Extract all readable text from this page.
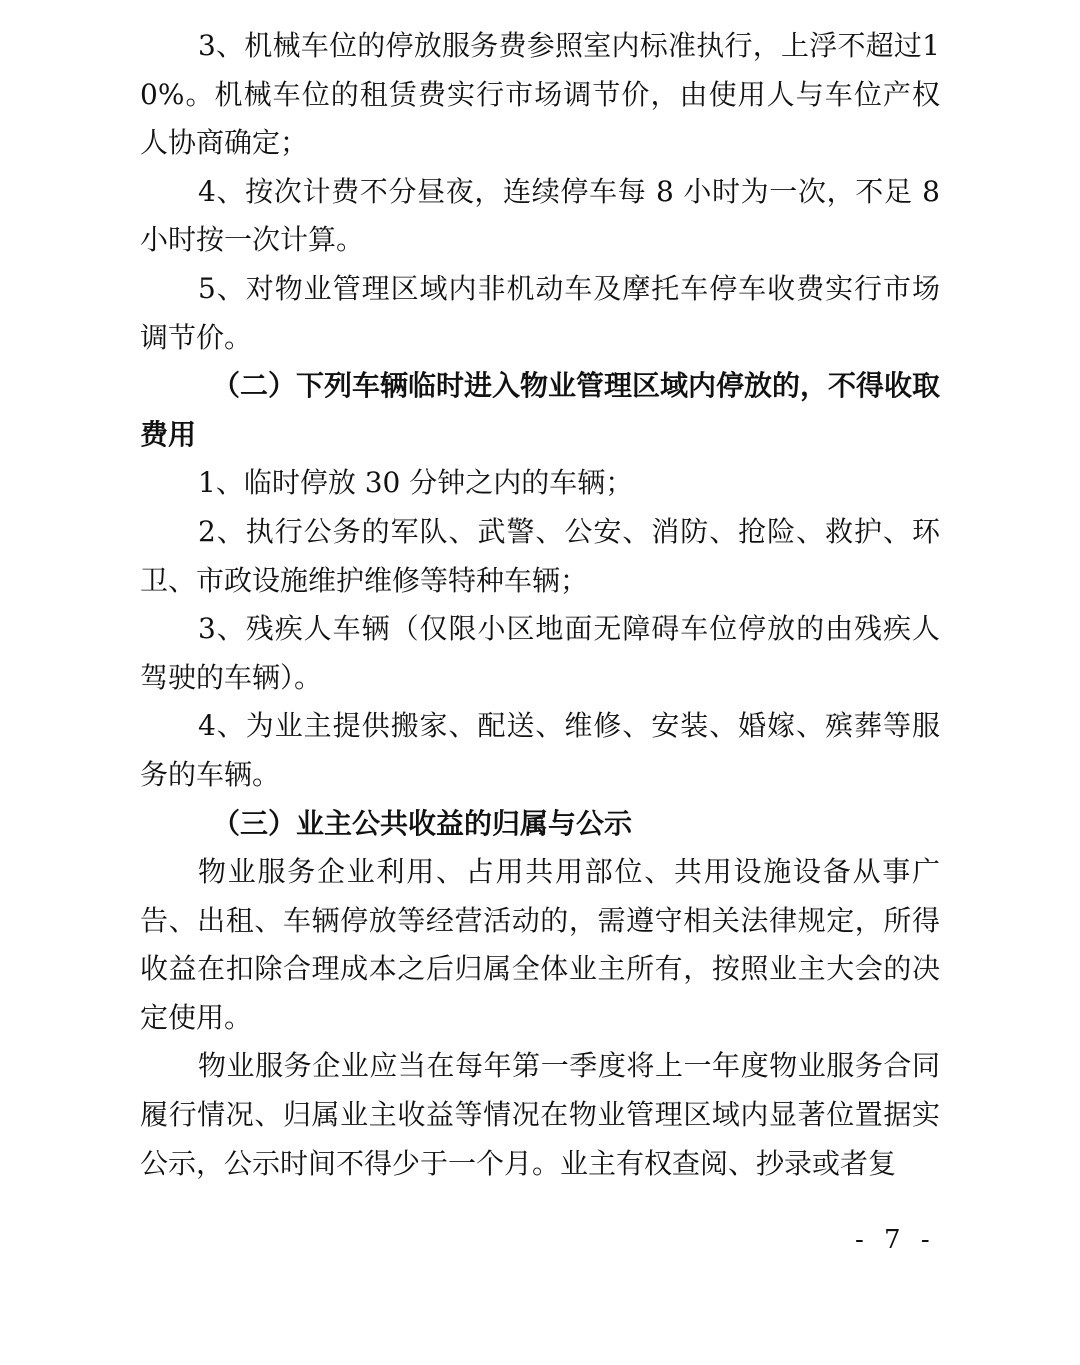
3、机械车位的停放服务费参照室内标准执行，上浮不超过10%。机械车位的租赁费实行市场调节价，由使用人与车位产权人协商确定；

4、按次计费不分昼夜，连续停车每 8 小时为一次，不足 8 小时按一次计算。

5、对物业管理区域内非机动车及摩托车停车收费实行市场调节价。

（二）下列车辆临时进入物业管理区域内停放的，不得收取费用

1、临时停放 30 分钟之内的车辆；

2、执行公务的军队、武警、公安、消防、抢险、救护、环卫、市政设施维护维修等特种车辆；

3、残疾人车辆（仅限小区地面无障碍车位停放的由残疾人驾驶的车辆）。

4、为业主提供搬家、配送、维修、安装、婚嫁、殡葬等服务的车辆。

（三）业主公共收益的归属与公示

物业服务企业利用、占用共用部位、共用设施设备从事广告、出租、车辆停放等经营活动的，需遵守相关法律规定，所得收益在扣除合理成本之后归属全体业主所有，按照业主大会的决定使用。

物业服务企业应当在每年第一季度将上一年度物业服务合同履行情况、归属业主收益等情况在物业管理区域内显著位置据实公示，公示时间不得少于一个月。业主有权查阅、抄录或者复

- 7 -
